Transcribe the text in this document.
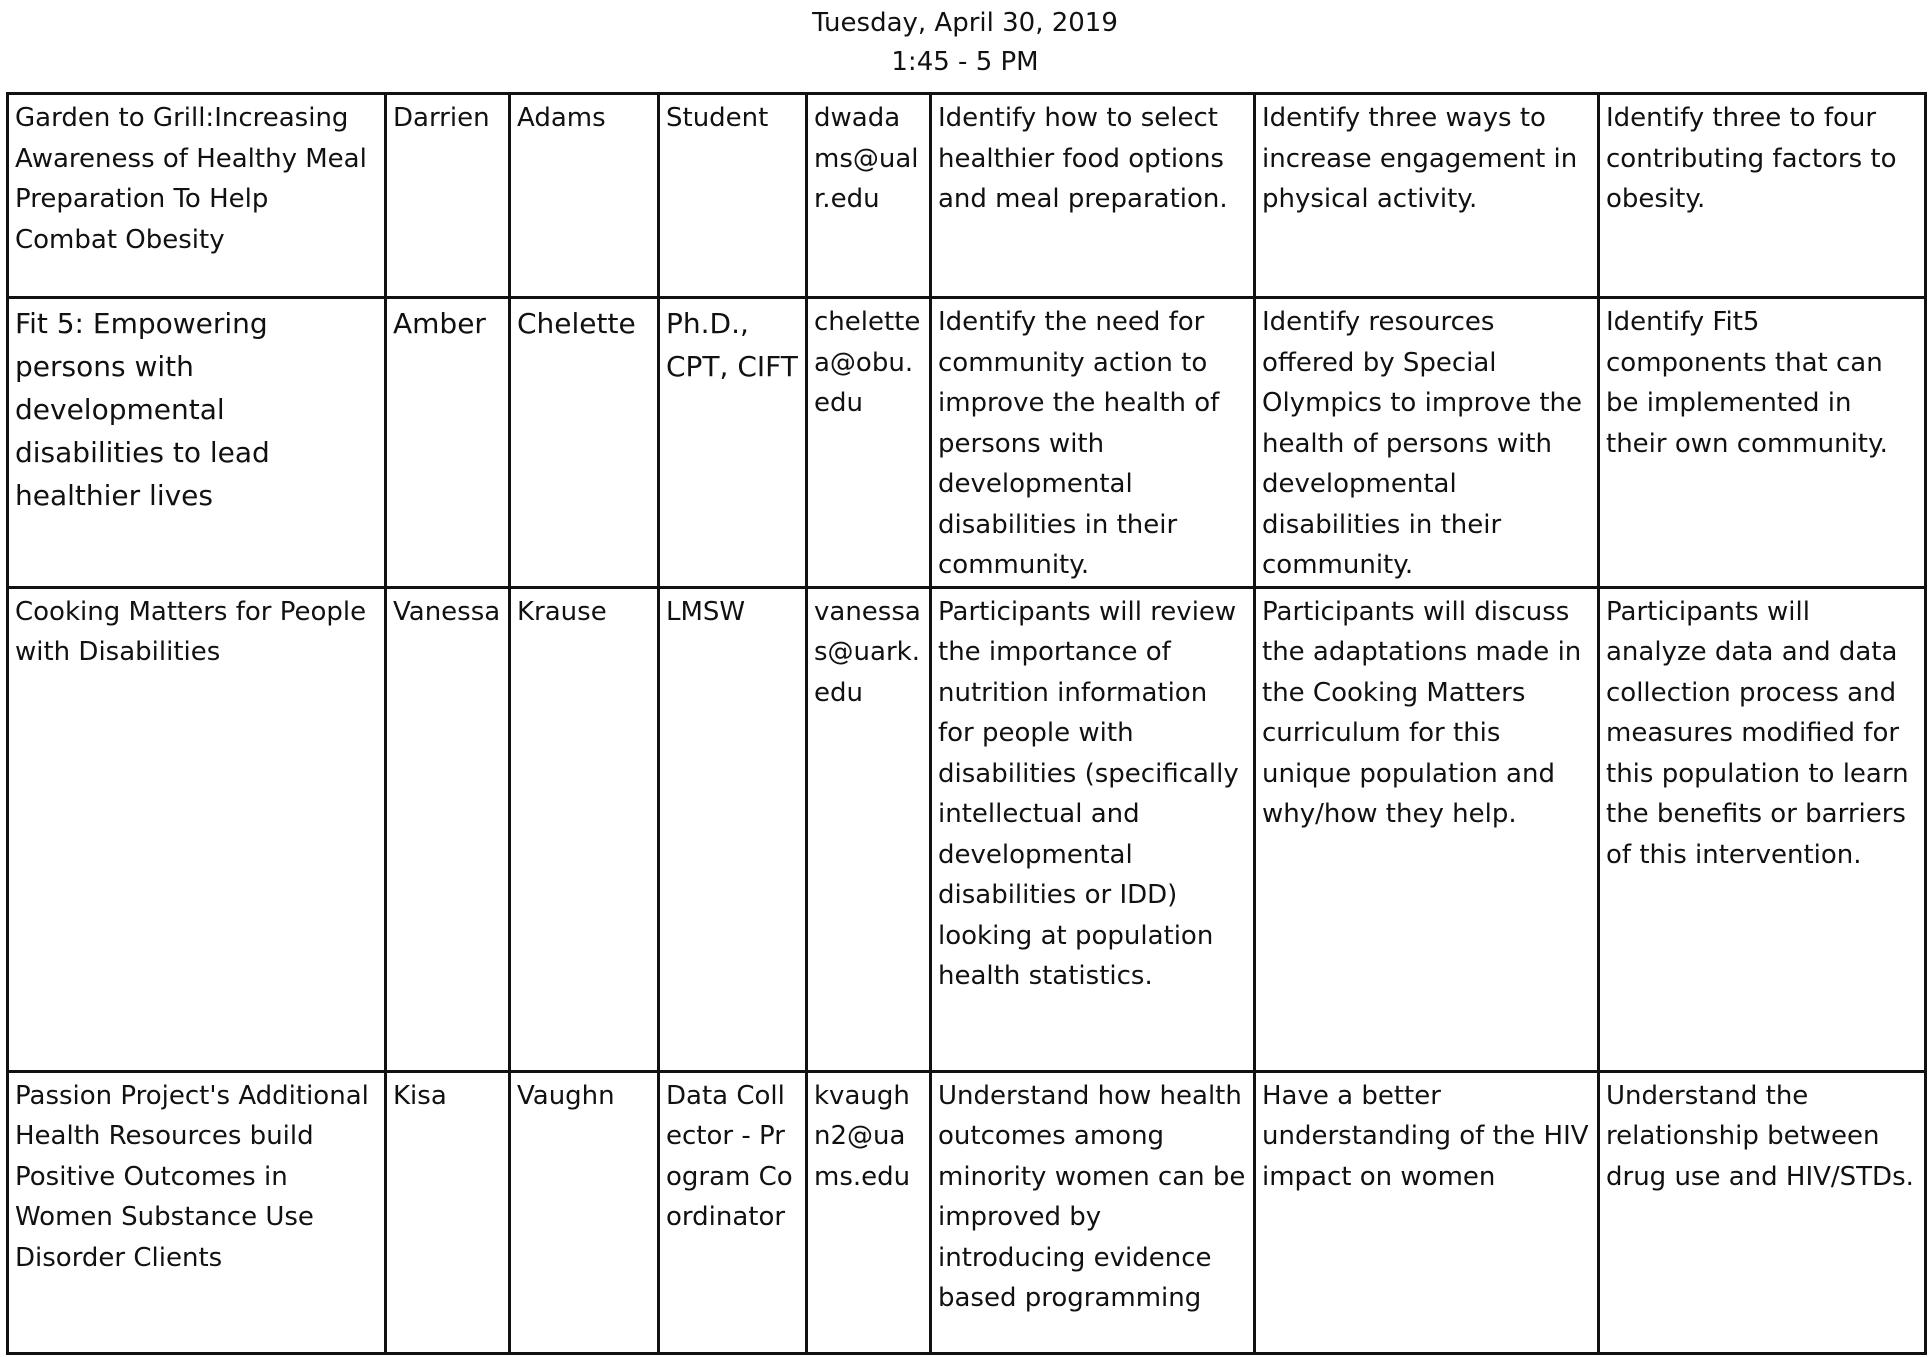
Tuesday, April 30, 2019
1:45 - 5 PM
Garden to Grill:Increasing Awareness of Healthy Meal Preparation To Help Combat Obesity	Darrien	Adams	Student	dwadams@ualr.edu	Identify how to select healthier food options and meal preparation.	Identify three ways to increase engagement in physical activity.	Identify three to four contributing factors to obesity.
Fit 5: Empowering persons with developmental disabilities to lead healthier lives	Amber	Chelette	Ph.D., CPT, CIFT	chelettea@obu.edu	Identify the need for community action to improve the health of persons with developmental disabilities in their community.	Identify resources offered by Special Olympics to improve the health of persons with developmental disabilities in their community.	Identify Fit5 components that can be implemented in their own community.
Cooking Matters for People with Disabilities	Vanessa	Krause	LMSW	vanessas@uark.edu	Participants will review the importance of nutrition information for people with disabilities (specifically intellectual and developmental disabilities or IDD) looking at population health statistics.	Participants will discuss the adaptations made in the Cooking Matters curriculum for this unique population and why/how they help.	Participants will analyze data and data collection process and measures modified for this population to learn the benefits or barriers of this intervention.
Passion Project's Additional Health Resources build Positive Outcomes in Women Substance Use Disorder Clients	Kisa	Vaughn	Data Collector - Program Coordinator	kvaughn2@uams.edu	Understand how health outcomes among minority women can be improved by introducing evidence based programming	Have a better understanding of the HIV impact on women	Understand the relationship between drug use and HIV/STDs.
